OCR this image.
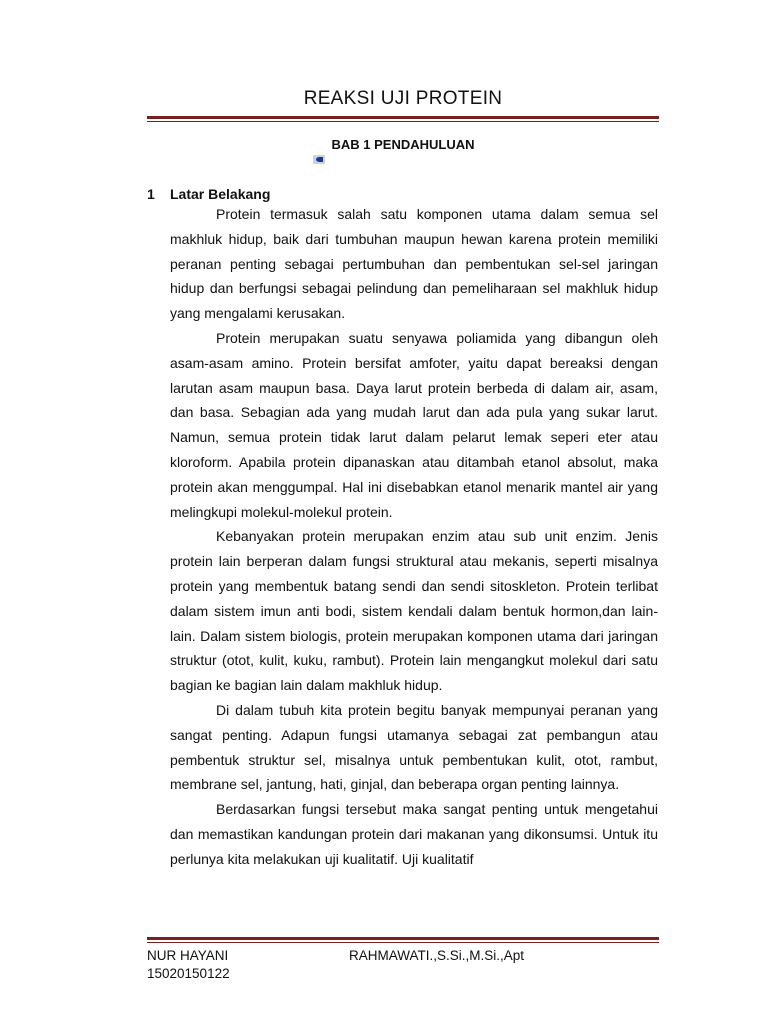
REAKSI UJI PROTEIN
BAB 1 PENDAHULUAN
1 Latar Belakang

Protein termasuk salah satu komponen utama dalam semua sel makhluk hidup, baik dari tumbuhan maupun hewan karena protein memiliki peranan penting sebagai pertumbuhan dan pembentukan sel-sel jaringan hidup dan berfungsi sebagai pelindung dan pemeliharaan sel makhluk hidup yang mengalami kerusakan.

Protein merupakan suatu senyawa poliamida yang dibangun oleh asam-asam amino. Protein bersifat amfoter, yaitu dapat bereaksi dengan larutan asam maupun basa. Daya larut protein berbeda di dalam air, asam, dan basa. Sebagian ada yang mudah larut dan ada pula yang sukar larut. Namun, semua protein tidak larut dalam pelarut lemak seperi eter atau kloroform. Apabila protein dipanaskan atau ditambah etanol absolut, maka protein akan menggumpal. Hal ini disebabkan etanol menarik mantel air yang melingkupi molekul-molekul protein.

Kebanyakan protein merupakan enzim atau sub unit enzim. Jenis protein lain berperan dalam fungsi struktural atau mekanis, seperti misalnya protein yang membentuk batang sendi dan sendi sitoskleton. Protein terlibat dalam sistem imun anti bodi, sistem kendali dalam bentuk hormon,dan lain-lain. Dalam sistem biologis, protein merupakan komponen utama dari jaringan struktur (otot, kulit, kuku, rambut). Protein lain mengangkut molekul dari satu bagian ke bagian lain dalam makhluk hidup.

Di dalam tubuh kita protein begitu banyak mempunyai peranan yang sangat penting. Adapun fungsi utamanya sebagai zat pembangun atau pembentuk struktur sel, misalnya untuk pembentukan kulit, otot, rambut, membrane sel, jantung, hati, ginjal, dan beberapa organ penting lainnya.

Berdasarkan fungsi tersebut maka sangat penting untuk mengetahui dan memastikan kandungan protein dari makanan yang dikonsumsi. Untuk itu perlunya kita melakukan uji kualitatif. Uji kualitatif

NUR HAYANI
15020150122
RAHMAWATI.,S.Si.,M.Si.,Apt
